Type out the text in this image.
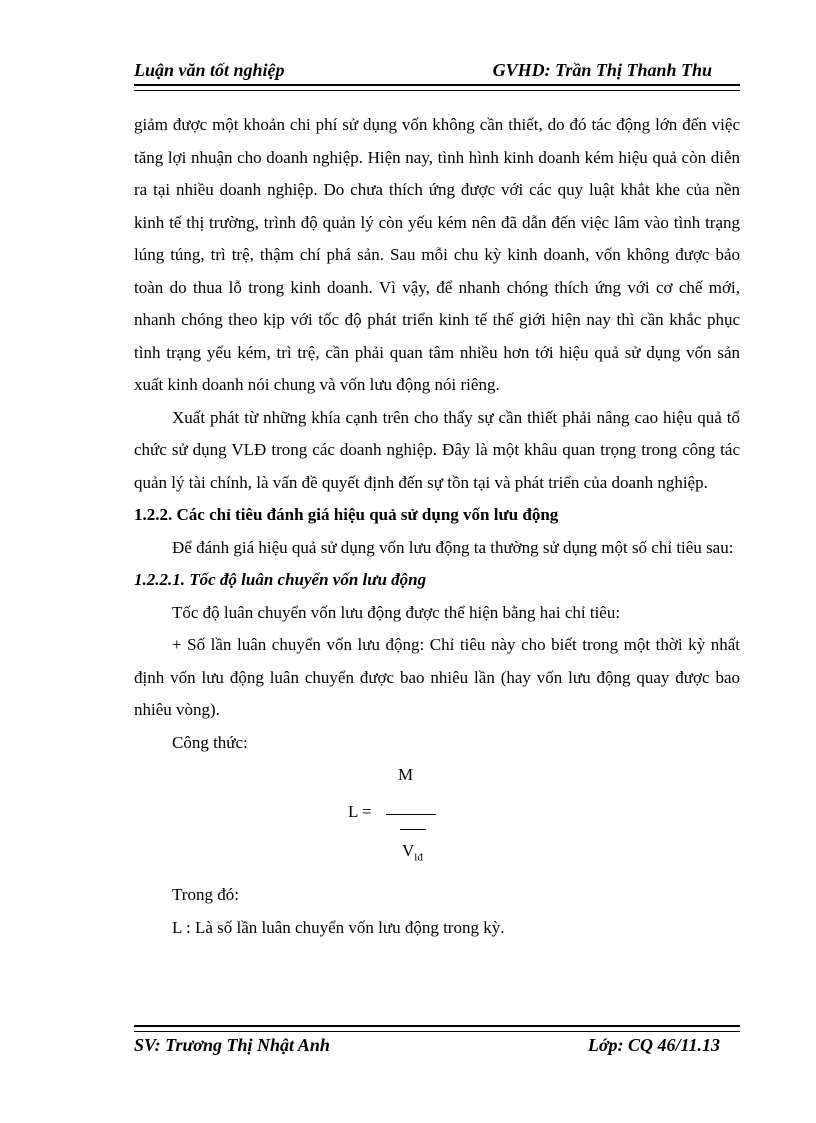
Luận văn tốt nghiệp	GVHD: Trần Thị Thanh Thu

giảm được một khoản chi phí sử dụng vốn không cần thiết, do đó tác động lớn đến việc tăng lợi nhuận cho doanh nghiệp. Hiện nay, tình hình kinh doanh kém hiệu quả còn diễn ra tại nhiều doanh nghiệp. Do chưa thích ứng được với các quy luật khắt khe của nền kinh tế thị trường, trình độ quản lý còn yếu kém nên đã dẫn đến việc lâm vào tình trạng lúng túng, trì trệ, thậm chí phá sản. Sau mỗi chu kỳ kinh doanh, vốn không được bảo toàn do thua lỗ trong kinh doanh. Vì vậy, để nhanh chóng thích ứng với cơ chế mới, nhanh chóng theo kịp với tốc độ phát triển kinh tế thế giới hiện nay thì cần khắc phục tình trạng yếu kém, trì trệ, cần phải quan tâm nhiều hơn tới hiệu quả sử dụng vốn sản xuất kinh doanh nói chung và vốn lưu động nói riêng.

Xuất phát từ những khía cạnh trên cho thấy sự cần thiết phải nâng cao hiệu quả tổ chức sử dụng VLĐ trong các doanh nghiệp. Đây là một khâu quan trọng trong công tác quản lý tài chính, là vấn đề quyết định đến sự tồn tại và phát triển của doanh nghiệp.

1.2.2. Các chỉ tiêu đánh giá hiệu quả sử dụng vốn lưu động

Để đánh giá hiệu quả sử dụng vốn lưu động ta thường sử dụng một số chỉ tiêu sau:

1.2.2.1. Tốc độ luân chuyển vốn lưu động

Tốc độ luân chuyển vốn lưu động được thể hiện bằng hai chỉ tiêu:

+ Số lần luân chuyển vốn lưu động: Chỉ tiêu này cho biết trong một thời kỳ nhất định vốn lưu động luân chuyển được bao nhiêu lần (hay vốn lưu động quay được bao nhiêu vòng).

Công thức:

M
L =
$V_{lđ}$

Trong đó:

L : Là số lần luân chuyển vốn lưu động trong kỳ.

SV: Trương Thị Nhật Anh	Lớp: CQ 46/11.13
